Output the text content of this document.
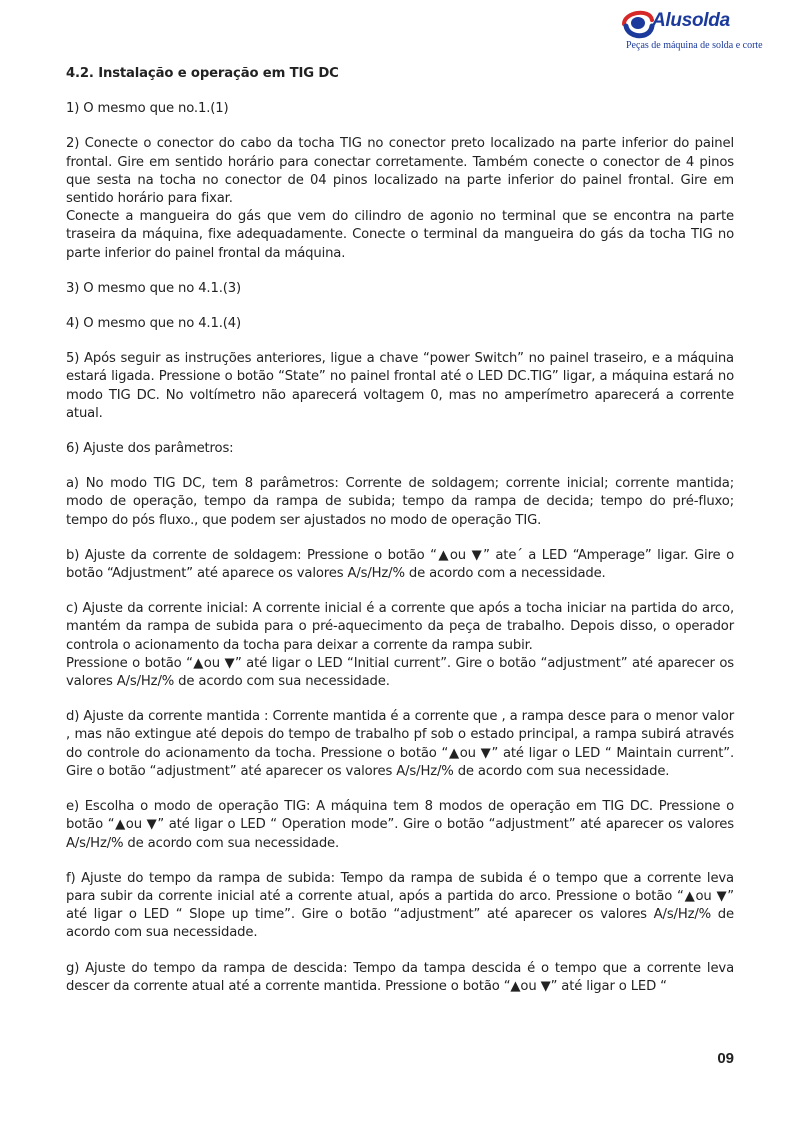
Alusolda
Peças de máquina de solda e corte

4.2. Instalação e operação em TIG DC

1) O mesmo que no.1.(1)

2) Conecte o conector do cabo da tocha TIG no conector preto localizado na parte inferior do painel frontal. Gire em sentido horário para conectar corretamente. Também conecte o conector de 4 pinos que sesta na tocha no conector de 04 pinos localizado na parte inferior do painel frontal. Gire em sentido horário para fixar.

Conecte a mangueira do gás que vem do cilindro de agonio no terminal que se encontra na parte traseira da máquina, fixe adequadamente. Conecte o terminal da mangueira do gás da tocha TIG no parte inferior do painel frontal da máquina.

3) O mesmo que no 4.1.(3)

4) O mesmo que no 4.1.(4)

5) Após seguir as instruções anteriores, ligue a chave “power Switch” no painel traseiro, e a máquina estará ligada. Pressione o botão “State” no painel frontal até o LED DC.TIG” ligar, a máquina estará no modo TIG DC. No voltímetro não aparecerá voltagem 0, mas no amperímetro aparecerá a corrente atual.

6) Ajuste dos parâmetros:

a) No modo TIG DC, tem 8 parâmetros: Corrente de soldagem; corrente inicial; corrente mantida; modo de operação, tempo da rampa de subida; tempo da rampa de decida; tempo do pré-fluxo; tempo do pós fluxo., que podem ser ajustados no modo de operação TIG.

b) Ajuste da corrente de soldagem: Pressione o botão “▲ou ▼” ate´ a LED “Amperage” ligar. Gire o botão “Adjustment” até aparece os valores A/s/Hz/% de acordo com a necessidade.

c) Ajuste da corrente inicial: A corrente inicial é a corrente que após a tocha iniciar na partida do arco, mantém da rampa de subida para o pré-aquecimento da peça de trabalho. Depois disso, o operador controla o acionamento da tocha para deixar a corrente da rampa subir.

Pressione o botão “▲ou ▼” até ligar o LED “Initial current”. Gire o botão “adjustment” até aparecer os valores A/s/Hz/% de acordo com sua necessidade.

d) Ajuste da corrente mantida : Corrente mantida é a corrente que , a rampa desce para o menor valor , mas não extingue até depois do tempo de trabalho pf sob o estado principal, a rampa subirá através do controle do acionamento da tocha. Pressione o botão “▲ou ▼” até ligar o LED “ Maintain current”. Gire o botão “adjustment” até aparecer os valores A/s/Hz/% de acordo com sua necessidade.

e) Escolha o modo de operação TIG: A máquina tem 8 modos de operação em TIG DC. Pressione o botão “▲ou ▼” até ligar o LED “ Operation mode”. Gire o botão “adjustment” até aparecer os valores A/s/Hz/% de acordo com sua necessidade.

f) Ajuste do tempo da rampa de subida: Tempo da rampa de subida é o tempo que a corrente leva para subir da corrente inicial até a corrente atual, após a partida do arco. Pressione o botão “▲ou ▼” até ligar o LED “ Slope up time”. Gire o botão “adjustment” até aparecer os valores A/s/Hz/% de acordo com sua necessidade.

g) Ajuste do tempo da rampa de descida: Tempo da tampa descida é o tempo que a corrente leva descer da corrente atual até a corrente mantida. Pressione o botão “▲ou ▼” até ligar o LED “

09
